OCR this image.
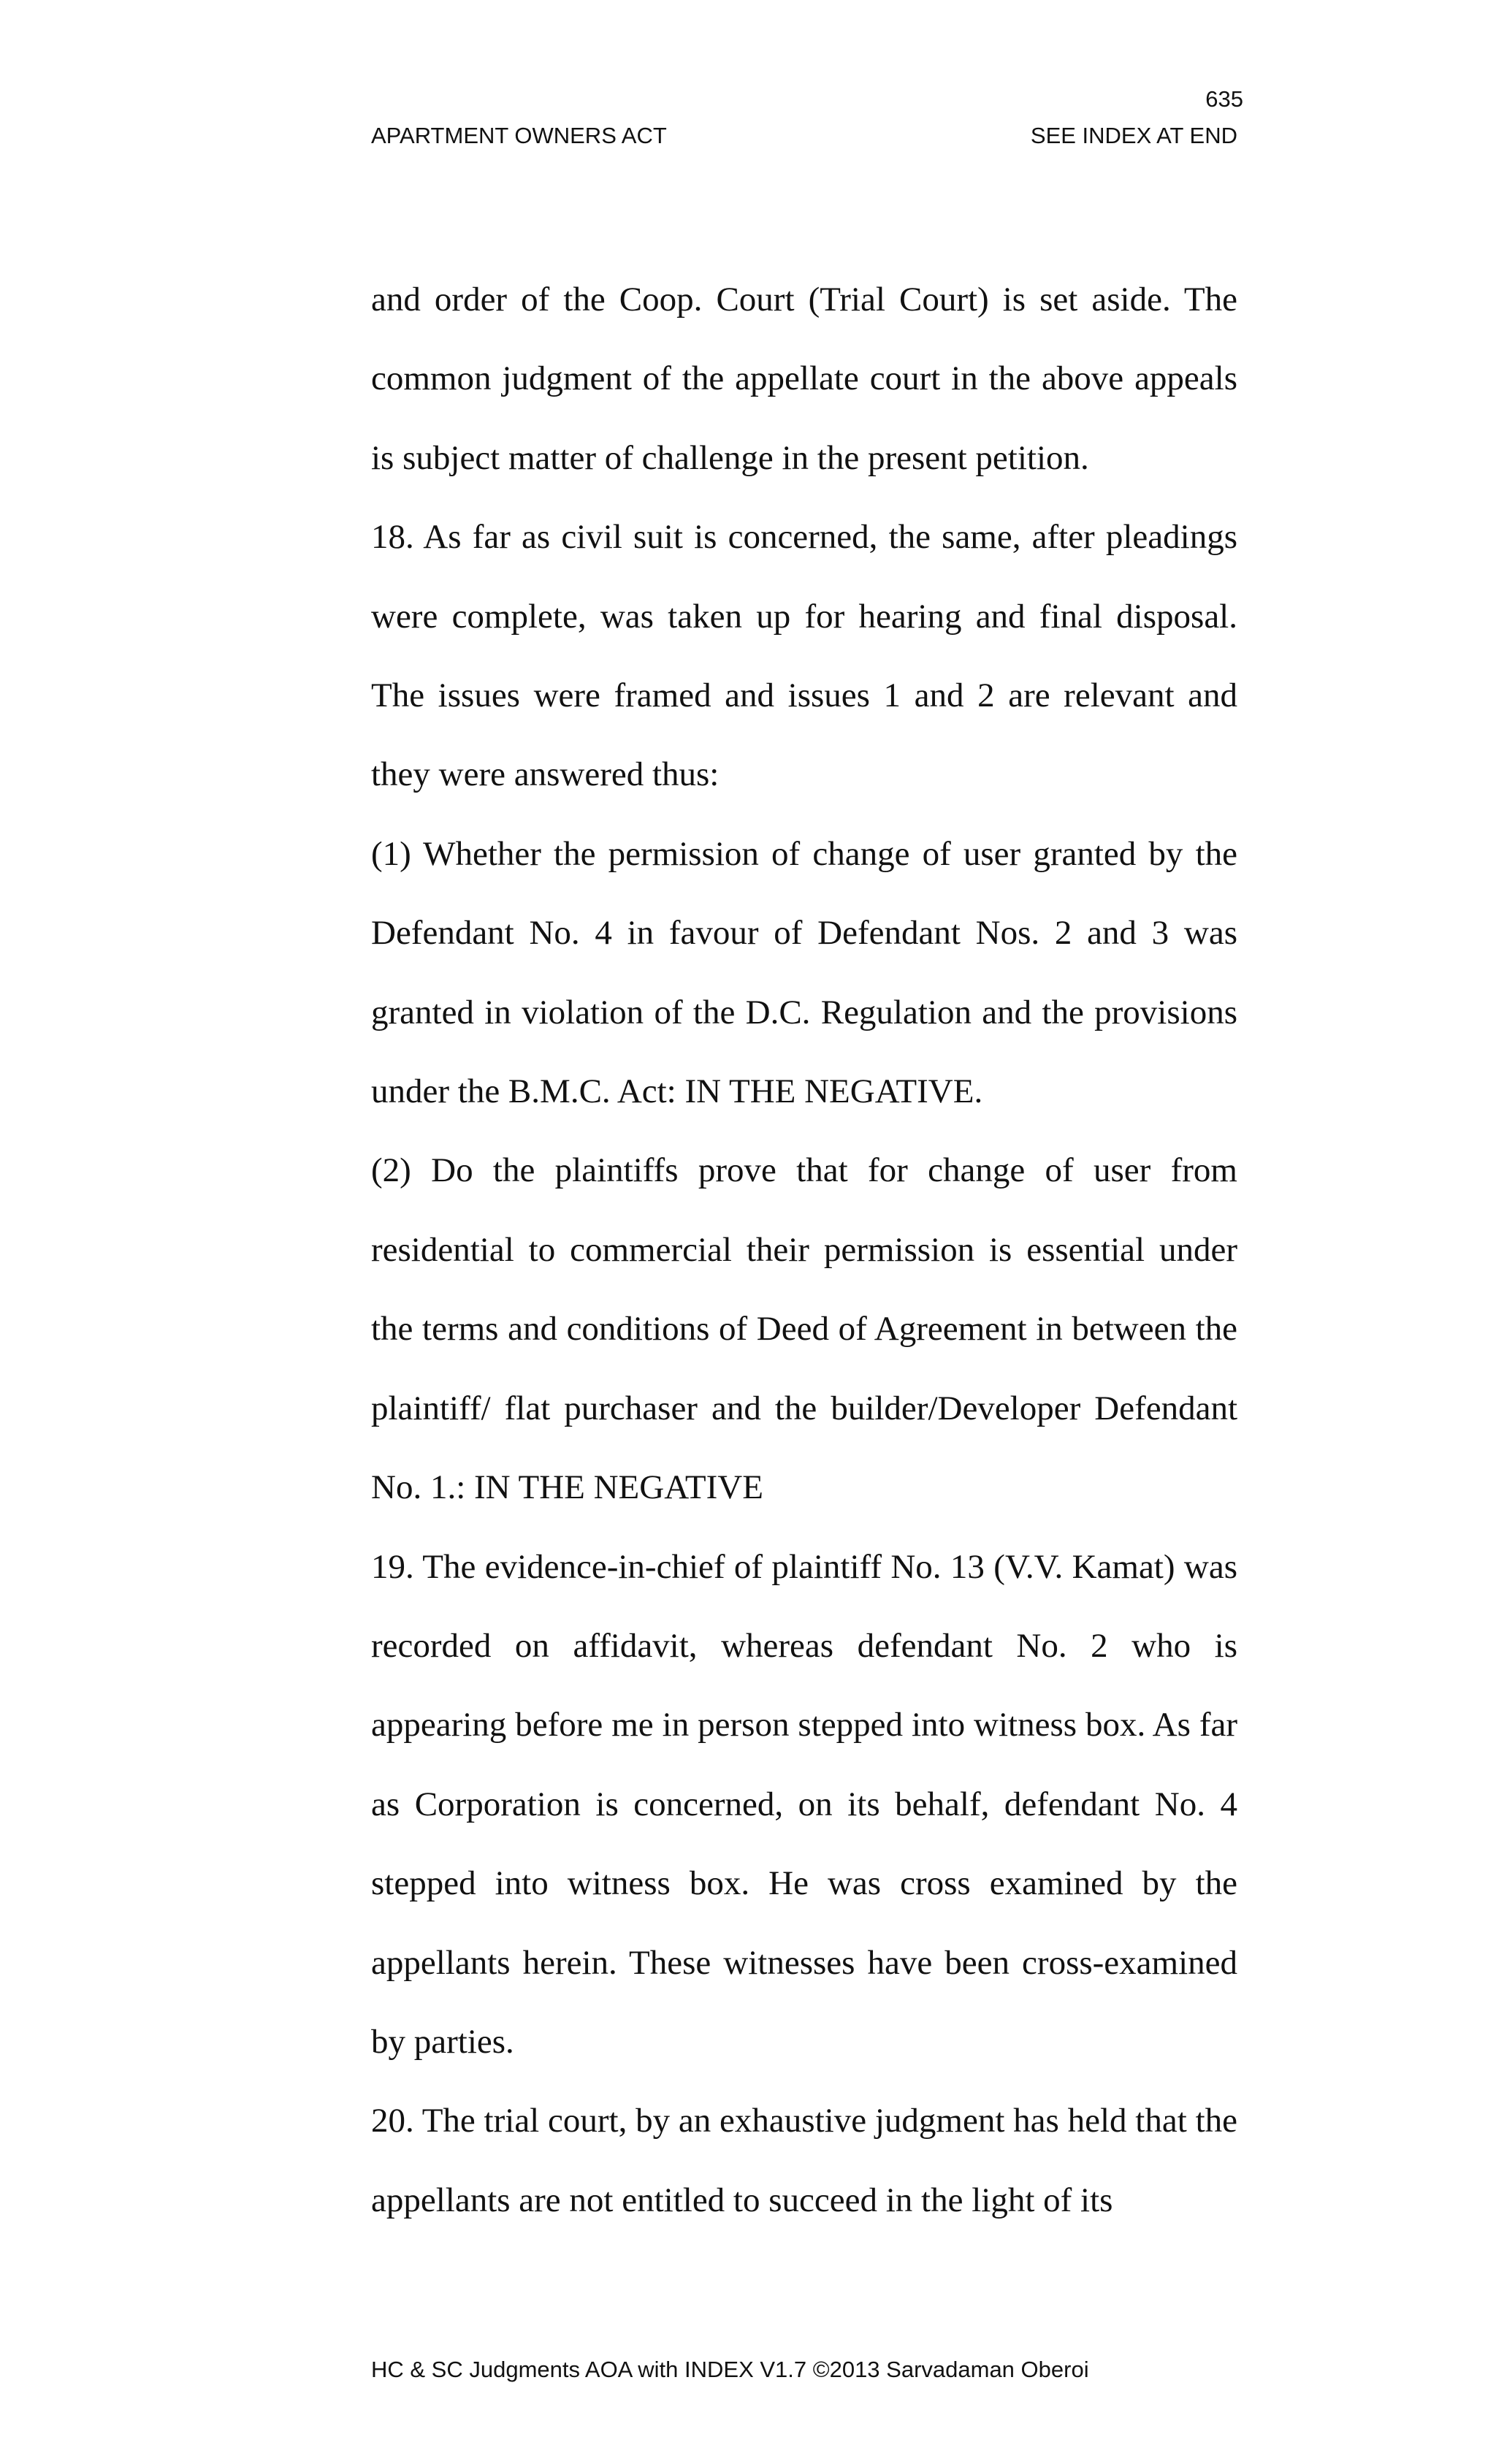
635
APARTMENT OWNERS ACT	SEE INDEX AT END

and order of the Coop. Court (Trial Court) is set aside. The common judgment of the appellate court in the above appeals is subject matter of challenge in the present petition.

18. As far as civil suit is concerned, the same, after pleadings were complete, was taken up for hearing and final disposal. The issues were framed and issues 1 and 2 are relevant and they were answered thus:

(1) Whether the permission of change of user granted by the Defendant No. 4 in favour of Defendant Nos. 2 and 3 was granted in violation of the D.C. Regulation and the provisions under the B.M.C. Act: IN THE NEGATIVE.

(2) Do the plaintiffs prove that for change of user from residential to commercial their permission is essential under the terms and conditions of Deed of Agreement in between the plaintiff/ flat purchaser and the builder/Developer Defendant No. 1.: IN THE NEGATIVE

19. The evidence-in-chief of plaintiff No. 13 (V.V. Kamat) was recorded on affidavit, whereas defendant No. 2 who is appearing before me in person stepped into witness box. As far as Corporation is concerned, on its behalf, defendant No. 4 stepped into witness box. He was cross examined by the appellants herein. These witnesses have been cross-examined by parties.

20. The trial court, by an exhaustive judgment has held that the appellants are not entitled to succeed in the light of its

HC & SC Judgments AOA with INDEX V1.7 ©2013 Sarvadaman Oberoi
